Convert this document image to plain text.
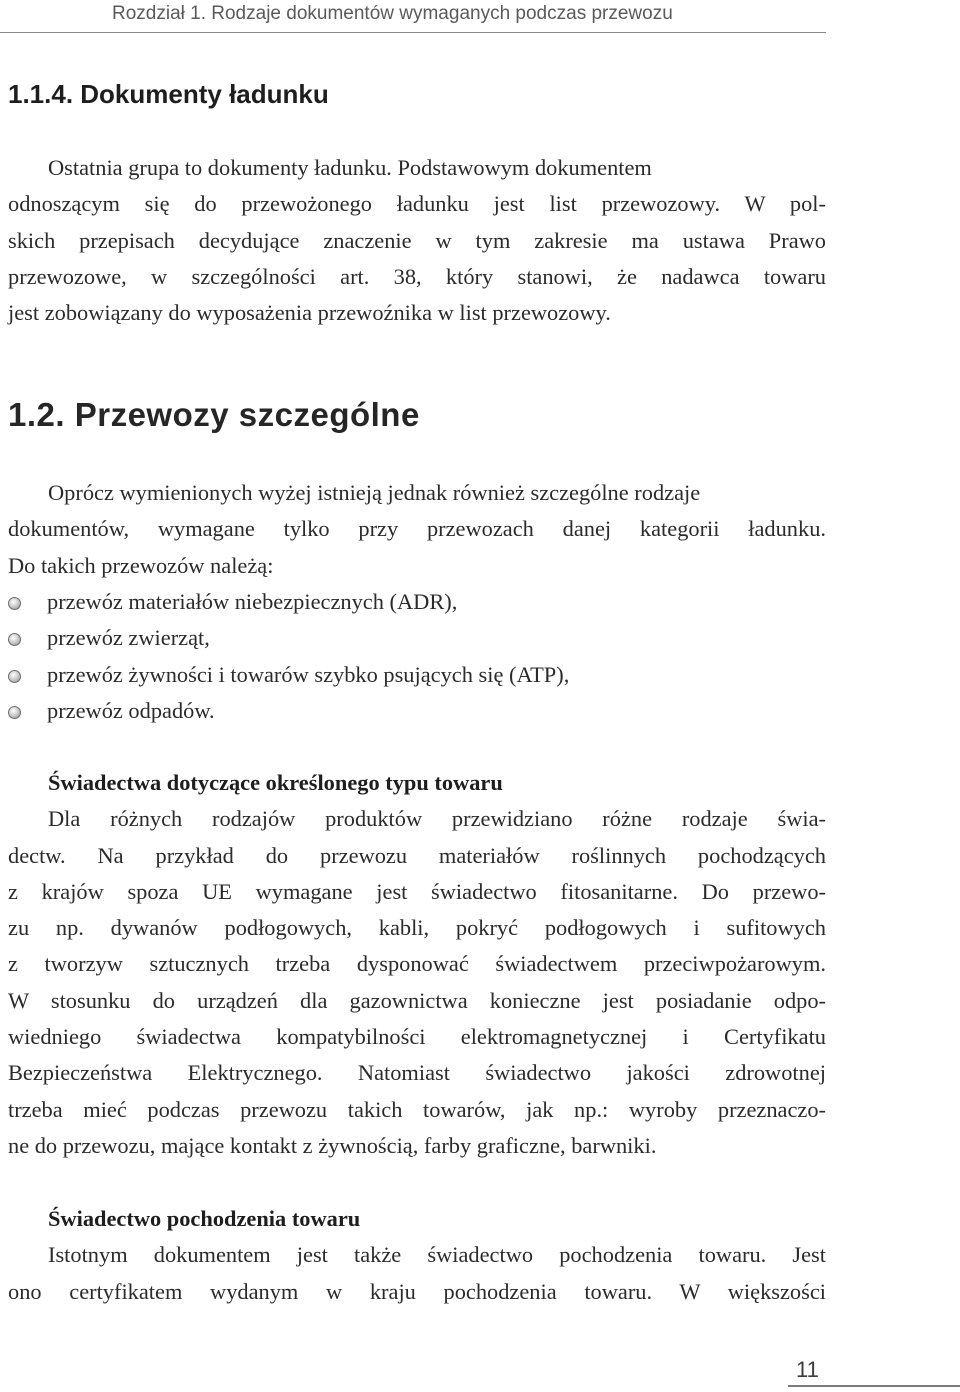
Rozdział 1. Rodzaje dokumentów wymaganych podczas przewozu
1.1.4. Dokumenty ładunku

Ostatnia grupa to dokumenty ładunku. Podstawowym dokumentem
odnoszącym się do przewożonego ładunku jest list przewozowy. W pol-
skich przepisach decydujące znaczenie w tym zakresie ma ustawa Prawo
przewozowe, w szczególności art. 38, który stanowi, że nadawca towaru
jest zobowiązany do wyposażenia przewoźnika w list przewozowy.

1.2. Przewozy szczególne

Oprócz wymienionych wyżej istnieją jednak również szczególne rodzaje
dokumentów, wymagane tylko przy przewozach danej kategorii ładunku.
Do takich przewozów należą:

przewóz materiałów niebezpiecznych (ADR),
przewóz zwierząt,
przewóz żywności i towarów szybko psujących się (ATP),
przewóz odpadów.

Świadectwa dotyczące określonego typu towaru
Dla różnych rodzajów produktów przewidziano różne rodzaje świa-
dectw. Na przykład do przewozu materiałów roślinnych pochodzących
z krajów spoza UE wymagane jest świadectwo fitosanitarne. Do przewo-
zu np. dywanów podłogowych, kabli, pokryć podłogowych i sufitowych
z tworzyw sztucznych trzeba dysponować świadectwem przeciwpożarowym.
W stosunku do urządzeń dla gazownictwa konieczne jest posiadanie odpo-
wiedniego świadectwa kompatybilności elektromagnetycznej i Certyfikatu
Bezpieczeństwa Elektrycznego. Natomiast świadectwo jakości zdrowotnej
trzeba mieć podczas przewozu takich towarów, jak np.: wyroby przeznaczo-
ne do przewozu, mające kontakt z żywnością, farby graficzne, barwniki.

Świadectwo pochodzenia towaru
Istotnym dokumentem jest także świadectwo pochodzenia towaru. Jest
ono certyfikatem wydanym w kraju pochodzenia towaru. W większości

11
